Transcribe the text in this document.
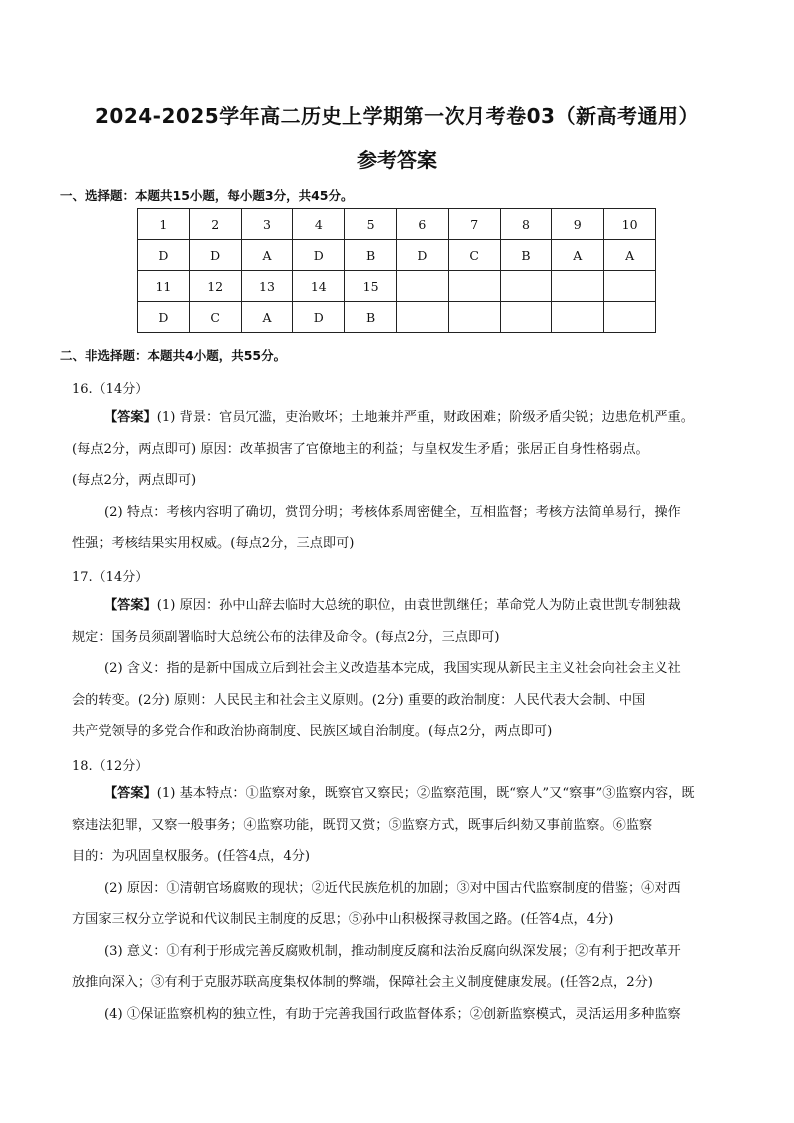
2024-2025学年高二历史上学期第一次月考卷03（新高考通用）
参考答案
一、选择题：本题共15小题，每小题3分，共45分。
1	2	3	4	5	6	7	8	9	10
D	D	A	D	B	D	C	B	A	A
11	12	13	14	15					
D	C	A	D	B					
二、非选择题：本题共4小题，共55分。
16.（14分）
【答案】(1) 背景：官员冗滥，吏治败坏；土地兼并严重，财政困难；阶级矛盾尖锐；边患危机严重。
(每点2分，两点即可) 原因：改革损害了官僚地主的利益；与皇权发生矛盾；张居正自身性格弱点。
(每点2分，两点即可)
(2) 特点：考核内容明了确切，赏罚分明；考核体系周密健全，互相监督；考核方法简单易行，操作
性强；考核结果实用权威。(每点2分，三点即可)
17.（14分）
【答案】(1) 原因：孙中山辞去临时大总统的职位，由袁世凯继任；革命党人为防止袁世凯专制独裁
规定：国务员须副署临时大总统公布的法律及命令。(每点2分，三点即可)
(2) 含义：指的是新中国成立后到社会主义改造基本完成，我国实现从新民主主义社会向社会主义社
会的转变。(2分) 原则：人民民主和社会主义原则。(2分) 重要的政治制度：人民代表大会制、中国
共产党领导的多党合作和政治协商制度、民族区域自治制度。(每点2分，两点即可)
18.（12分）
【答案】(1) 基本特点：①监察对象，既察官又察民；②监察范围，既“察人”又“察事”③监察内容，既
察违法犯罪，又察一般事务；④监察功能，既罚又赏；⑤监察方式，既事后纠劾又事前监察。⑥监察
目的：为巩固皇权服务。(任答4点，4分)
(2) 原因：①清朝官场腐败的现状；②近代民族危机的加剧；③对中国古代监察制度的借鉴；④对西
方国家三权分立学说和代议制民主制度的反思；⑤孙中山积极探寻救国之路。(任答4点，4分)
(3) 意义：①有利于形成完善反腐败机制，推动制度反腐和法治反腐向纵深发展；②有利于把改革开
放推向深入；③有利于克服苏联高度集权体制的弊端，保障社会主义制度健康发展。(任答2点，2分)
(4) ①保证监察机构的独立性，有助于完善我国行政监督体系；②创新监察模式，灵活运用多种监察
